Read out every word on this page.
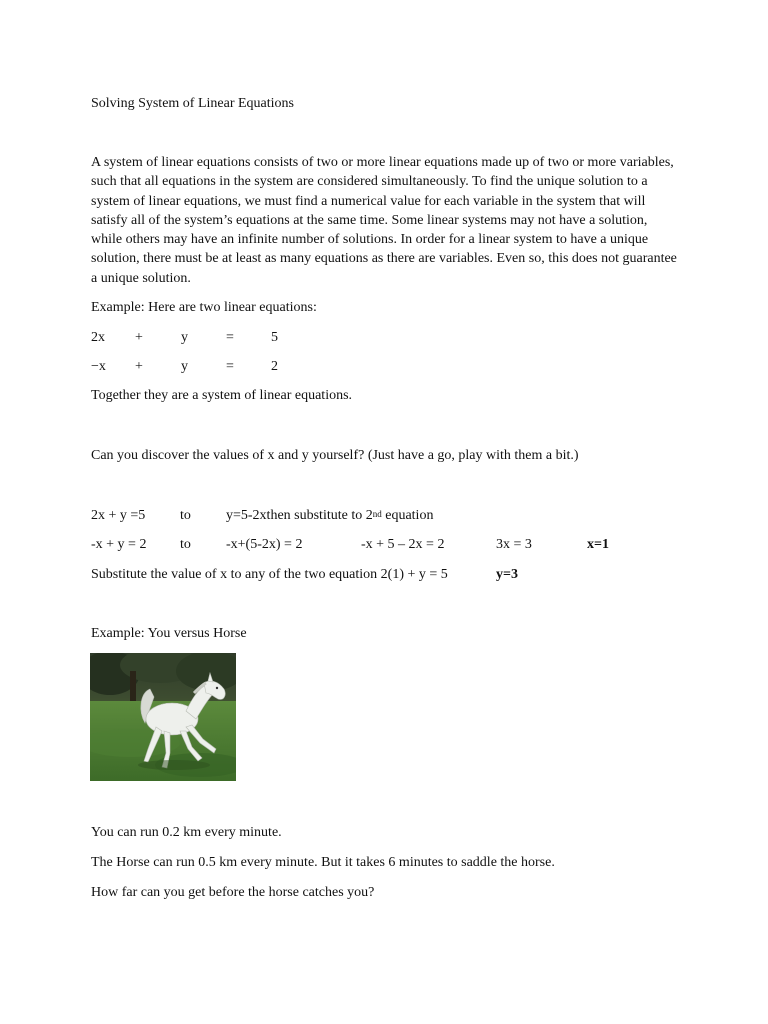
Solving System of Linear Equations
A system of linear equations consists of two or more linear equations made up of two or more variables, such that all equations in the system are considered simultaneously. To find the unique solution to a system of linear equations, we must find a numerical value for each variable in the system that will satisfy all of the system’s equations at the same time. Some linear systems may not have a solution, while others may have an infinite number of solutions. In order for a linear system to have a unique solution, there must be at least as many equations as there are variables. Even so, this does not guarantee a unique solution.
Example: Here are two linear equations:
2x +	y	=	5
−x +	y	=	2
Together they are a system of linear equations.
Can you discover the values of x and y yourself? (Just have a go, play with them a bit.)
2x + y =5 to	y=5-2xthen substitute to 2nd equation
-x + y = 2 to	-x+(5-2x) = 2	-x + 5 – 2x = 2	3x = 3	x=1
Substitute the value of x to any of the two equation 2(1) + y = 5	y=3
Example: You versus Horse
You can run 0.2 km every minute.
The Horse can run 0.5 km every minute. But it takes 6 minutes to saddle the horse.
How far can you get before the horse catches you?
